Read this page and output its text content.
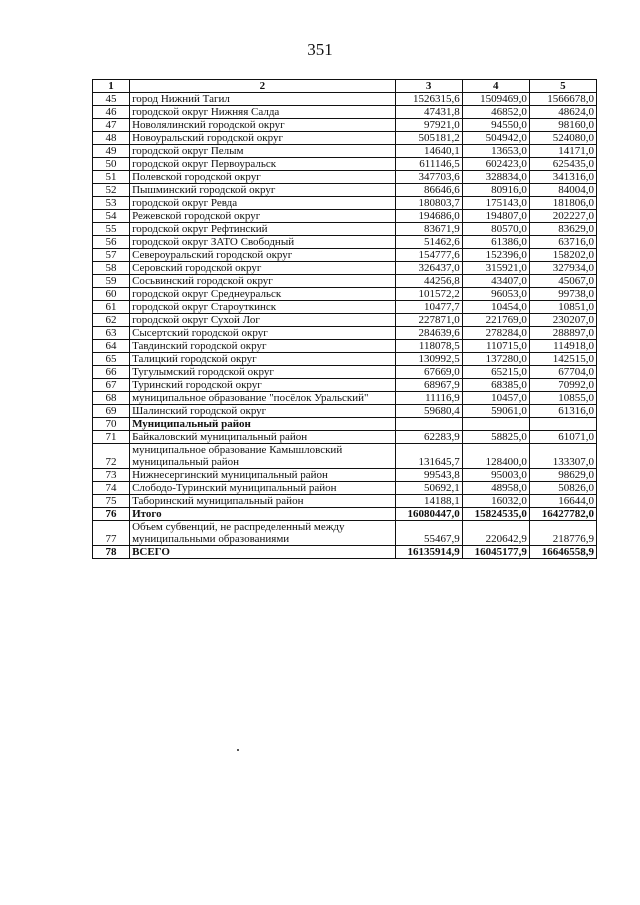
351
1	2	3	4	5
45	город Нижний Тагил	1526315,6	1509469,0	1566678,0
46	городской округ Нижняя Салда	47431,8	46852,0	48624,0
47	Новолялинский городской округ	97921,0	94550,0	98160,0
48	Новоуральский городской округ	505181,2	504942,0	524080,0
49	городской округ Пелым	14640,1	13653,0	14171,0
50	городской округ Первоуральск	611146,5	602423,0	625435,0
51	Полевской городской округ	347703,6	328834,0	341316,0
52	Пышминский городской округ	86646,6	80916,0	84004,0
53	городской округ Ревда	180803,7	175143,0	181806,0
54	Режевской городской округ	194686,0	194807,0	202227,0
55	городской округ Рефтинский	83671,9	80570,0	83629,0
56	городской округ ЗАТО Свободный	51462,6	61386,0	63716,0
57	Североуральский городской округ	154777,6	152396,0	158202,0
58	Серовский городской округ	326437,0	315921,0	327934,0
59	Сосьвинский городской округ	44256,8	43407,0	45067,0
60	городской округ Среднеуральск	101572,2	96053,0	99738,0
61	городской округ Староуткинск	10477,7	10454,0	10851,0
62	городской округ Сухой Лог	227871,0	221769,0	230207,0
63	Сысертский городской округ	284639,6	278284,0	288897,0
64	Тавдинский городской округ	118078,5	110715,0	114918,0
65	Талицкий городской округ	130992,5	137280,0	142515,0
66	Тугулымский городской округ	67669,0	65215,0	67704,0
67	Туринский городской округ	68967,9	68385,0	70992,0
68	муниципальное образование "посёлок Уральский"	11116,9	10457,0	10855,0
69	Шалинский городской округ	59680,4	59061,0	61316,0
70	Муниципальный район			
71	Байкаловский муниципальный район	62283,9	58825,0	61071,0
72	муниципальное образование Камышловский муниципальный район	131645,7	128400,0	133307,0
73	Нижнесергинский муниципальный район	99543,8	95003,0	98629,0
74	Слободо-Туринский муниципальный район	50692,1	48958,0	50826,0
75	Таборинский муниципальный район	14188,1	16032,0	16644,0
76	Итого	16080447,0	15824535,0	16427782,0
77	Объем субвенций, не распределенный между муниципальными образованиями	55467,9	220642,9	218776,9
78	ВСЕГО	16135914,9	16045177,9	16646558,9
